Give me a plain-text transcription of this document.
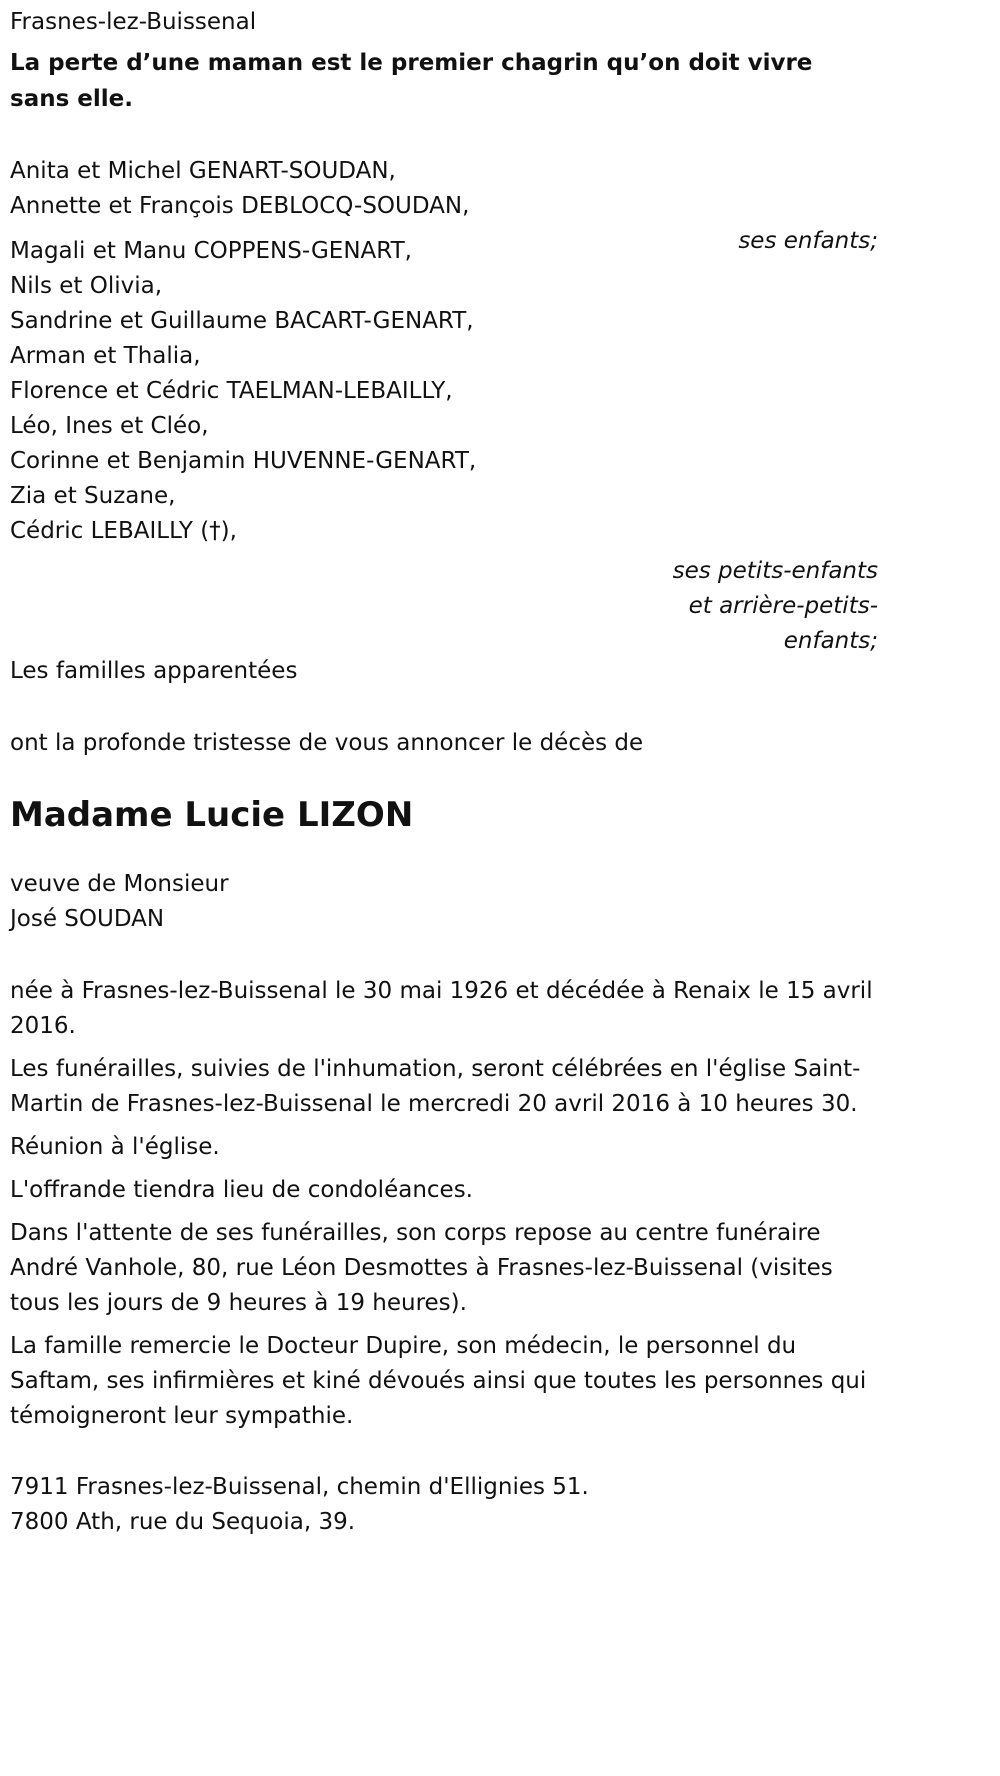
Frasnes-lez-Buissenal
La perte d’une maman est le premier chagrin qu’on doit vivre sans elle.
Anita et Michel GENART-SOUDAN,
Annette et François DEBLOCQ-SOUDAN,
Magali et Manu COPPENS-GENART,
Nils et Olivia,
Sandrine et Guillaume BACART-GENART,
Arman et Thalia,
Florence et Cédric TAELMAN-LEBAILLY,
Léo, Ines et Cléo,
Corinne et Benjamin HUVENNE-GENART,
Zia et Suzane,
Cédric LEBAILLY (†),
Les familles apparentées
ont la profonde tristesse de vous annoncer le décès de
Madame Lucie LIZON
veuve de Monsieur
José SOUDAN
née à Frasnes-lez-Buissenal le 30 mai 1926 et décédée à Renaix le 15 avril 2016.
Les funérailles, suivies de l'inhumation, seront célébrées en l'église Saint-Martin de Frasnes-lez-Buissenal le mercredi 20 avril 2016 à 10 heures 30.
Réunion à l'église.
L'offrande tiendra lieu de condoléances.
Dans l'attente de ses funérailles, son corps repose au centre funéraire André Vanhole, 80, rue Léon Desmottes à Frasnes-lez-Buissenal (visites tous les jours de 9 heures à 19 heures).
La famille remercie le Docteur Dupire, son médecin, le personnel du Saftam, ses infirmières et kiné dévoués ainsi que toutes les personnes qui témoigneront leur sympathie.
7911 Frasnes-lez-Buissenal, chemin d'Ellignies 51.
7800 Ath, rue du Sequoia, 39.
ses enfants;
ses petits-enfants
et arrière-petits-
enfants;
